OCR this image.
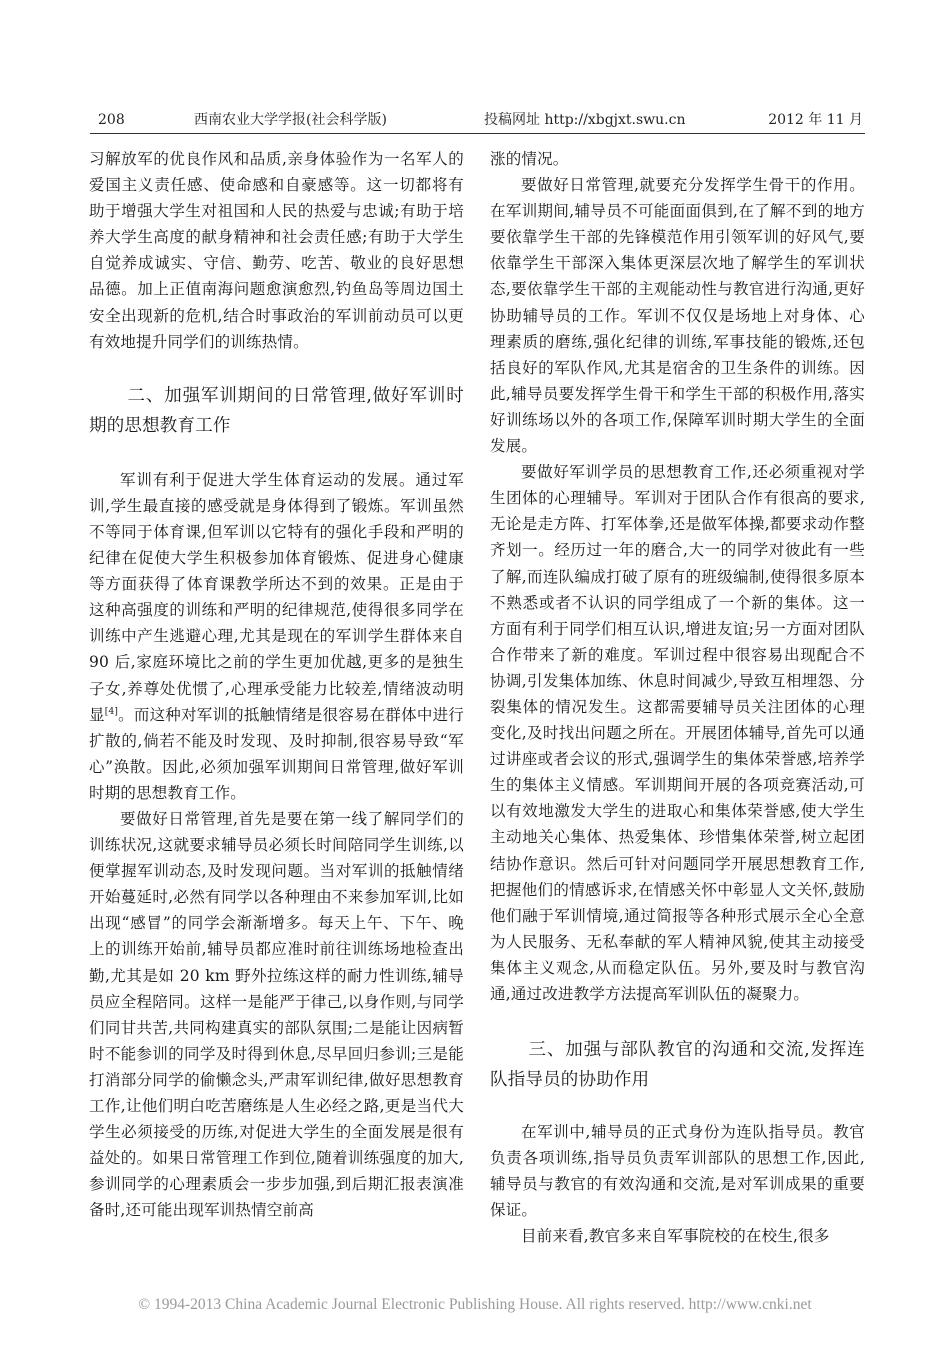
208	西南农业大学学报(社会科学版)	投稿网址 http://xbgjxt.swu.cn	2012 年 11 月

习解放军的优良作风和品质,亲身体验作为一名军人的爱国主义责任感、使命感和自豪感等。这一切都将有助于增强大学生对祖国和人民的热爱与忠诚;有助于培养大学生高度的献身精神和社会责任感;有助于大学生自觉养成诚实、守信、勤劳、吃苦、敬业的良好思想品德。加上正值南海问题愈演愈烈,钓鱼岛等周边国土安全出现新的危机,结合时事政治的军训前动员可以更有效地提升同学们的训练热情。

二、加强军训期间的日常管理,做好军训时期的思想教育工作

军训有利于促进大学生体育运动的发展。通过军训,学生最直接的感受就是身体得到了锻炼。军训虽然不等同于体育课,但军训以它特有的强化手段和严明的纪律在促使大学生积极参加体育锻炼、促进身心健康等方面获得了体育课教学所达不到的效果。正是由于这种高强度的训练和严明的纪律规范,使得很多同学在训练中产生逃避心理,尤其是现在的军训学生群体来自 90 后,家庭环境比之前的学生更加优越,更多的是独生子女,养尊处优惯了,心理承受能力比较差,情绪波动明显[4]。而这种对军训的抵触情绪是很容易在群体中进行扩散的,倘若不能及时发现、及时抑制,很容易导致“军心”涣散。因此,必须加强军训期间日常管理,做好军训时期的思想教育工作。

要做好日常管理,首先是要在第一线了解同学们的训练状况,这就要求辅导员必须长时间陪同学生训练,以便掌握军训动态,及时发现问题。当对军训的抵触情绪开始蔓延时,必然有同学以各种理由不来参加军训,比如出现“感冒”的同学会渐渐增多。每天上午、下午、晚上的训练开始前,辅导员都应准时前往训练场地检查出勤,尤其是如 20 km 野外拉练这样的耐力性训练,辅导员应全程陪同。这样一是能严于律己,以身作则,与同学们同甘共苦,共同构建真实的部队氛围;二是能让因病暂时不能参训的同学及时得到休息,尽早回归参训;三是能打消部分同学的偷懒念头,严肃军训纪律,做好思想教育工作,让他们明白吃苦磨练是人生必经之路,更是当代大学生必须接受的历练,对促进大学生的全面发展是很有益处的。如果日常管理工作到位,随着训练强度的加大,参训同学的心理素质会一步步加强,到后期汇报表演准备时,还可能出现军训热情空前高

涨的情况。

要做好日常管理,就要充分发挥学生骨干的作用。在军训期间,辅导员不可能面面俱到,在了解不到的地方要依靠学生干部的先锋模范作用引领军训的好风气,要依靠学生干部深入集体更深层次地了解学生的军训状态,要依靠学生干部的主观能动性与教官进行沟通,更好协助辅导员的工作。军训不仅仅是场地上对身体、心理素质的磨练,强化纪律的训练,军事技能的锻炼,还包括良好的军队作风,尤其是宿舍的卫生条件的训练。因此,辅导员要发挥学生骨干和学生干部的积极作用,落实好训练场以外的各项工作,保障军训时期大学生的全面发展。

要做好军训学员的思想教育工作,还必须重视对学生团体的心理辅导。军训对于团队合作有很高的要求,无论是走方阵、打军体拳,还是做军体操,都要求动作整齐划一。经历过一年的磨合,大一的同学对彼此有一些了解,而连队编成打破了原有的班级编制,使得很多原本不熟悉或者不认识的同学组成了一个新的集体。这一方面有利于同学们相互认识,增进友谊;另一方面对团队合作带来了新的难度。军训过程中很容易出现配合不协调,引发集体加练、休息时间减少,导致互相埋怨、分裂集体的情况发生。这都需要辅导员关注团体的心理变化,及时找出问题之所在。开展团体辅导,首先可以通过讲座或者会议的形式,强调学生的集体荣誉感,培养学生的集体主义情感。军训期间开展的各项竞赛活动,可以有效地激发大学生的进取心和集体荣誉感,使大学生主动地关心集体、热爱集体、珍惜集体荣誉,树立起团结协作意识。然后可针对问题同学开展思想教育工作,把握他们的情感诉求,在情感关怀中彰显人文关怀,鼓励他们融于军训情境,通过简报等各种形式展示全心全意为人民服务、无私奉献的军人精神风貌,使其主动接受集体主义观念,从而稳定队伍。另外,要及时与教官沟通,通过改进教学方法提高军训队伍的凝聚力。

三、加强与部队教官的沟通和交流,发挥连队指导员的协助作用

在军训中,辅导员的正式身份为连队指导员。教官负责各项训练,指导员负责军训部队的思想工作,因此,辅导员与教官的有效沟通和交流,是对军训成果的重要保证。

目前来看,教官多来自军事院校的在校生,很多

© 1994-2013 China Academic Journal Electronic Publishing House. All rights reserved. http://www.cnki.net
